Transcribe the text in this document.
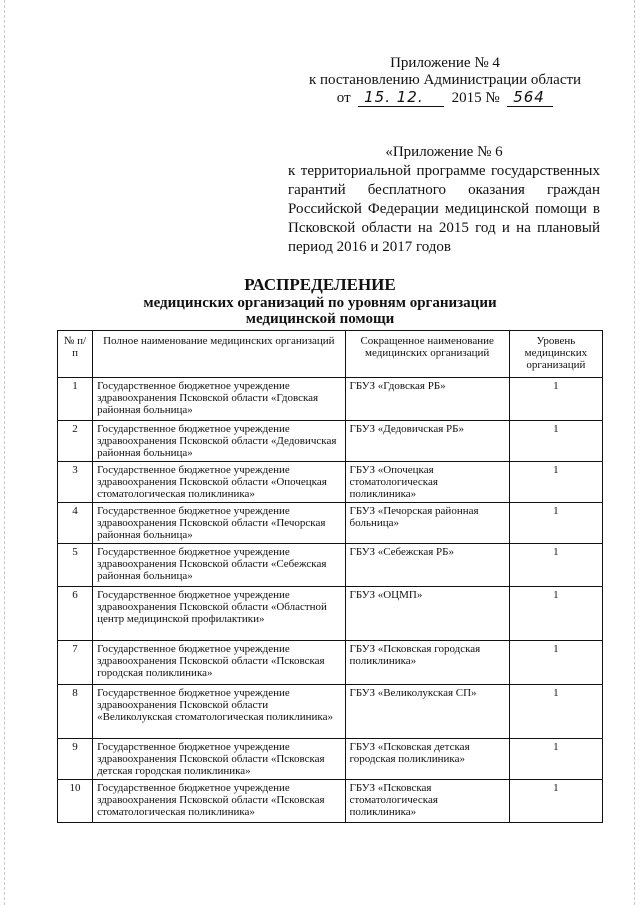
Приложение № 4
к постановлению Администрации области
от 15. 12. 2015 № 564
«Приложение № 6
к территориальной программе государственных гарантий бесплатного оказания граждан Российской Федерации медицинской помощи в Псковской области на 2015 год и на плановый период 2016 и 2017 годов
РАСПРЕДЕЛЕНИЕ
медицинских организаций по уровням организации
медицинской помощи
№ п/п	Полное наименование медицинских организаций	Сокращенное наименование медицинских организаций	Уровень медицинских организаций
1	Государственное бюджетное учреждение здравоохранения Псковской области «Гдовская районная больница»	ГБУЗ «Гдовская РБ»	1
2	Государственное бюджетное учреждение здравоохранения Псковской области «Дедовичская районная больница»	ГБУЗ «Дедовичская РБ»	1
3	Государственное бюджетное учреждение здравоохранения Псковской области «Опочецкая стоматологическая поликлиника»	ГБУЗ «Опочецкая стоматологическая поликлиника»	1
4	Государственное бюджетное учреждение здравоохранения Псковской области «Печорская районная больница»	ГБУЗ «Печорская районная больница»	1
5	Государственное бюджетное учреждение здравоохранения Псковской области «Себежская районная больница»	ГБУЗ «Себежская РБ»	1
6	Государственное бюджетное учреждение здравоохранения Псковской области «Областной центр медицинской профилактики»	ГБУЗ «ОЦМП»	1
7	Государственное бюджетное учреждение здравоохранения Псковской области «Псковская городская поликлиника»	ГБУЗ «Псковская городская поликлиника»	1
8	Государственное бюджетное учреждение здравоохранения Псковской области «Великолукская стоматологическая поликлиника»	ГБУЗ «Великолукская СП»	1
9	Государственное бюджетное учреждение здравоохранения Псковской области «Псковская детская городская поликлиника»	ГБУЗ «Псковская детская городская поликлиника»	1
10	Государственное бюджетное учреждение здравоохранения Псковской области «Псковская стоматологическая поликлиника»	ГБУЗ «Псковская стоматологическая поликлиника»	1
